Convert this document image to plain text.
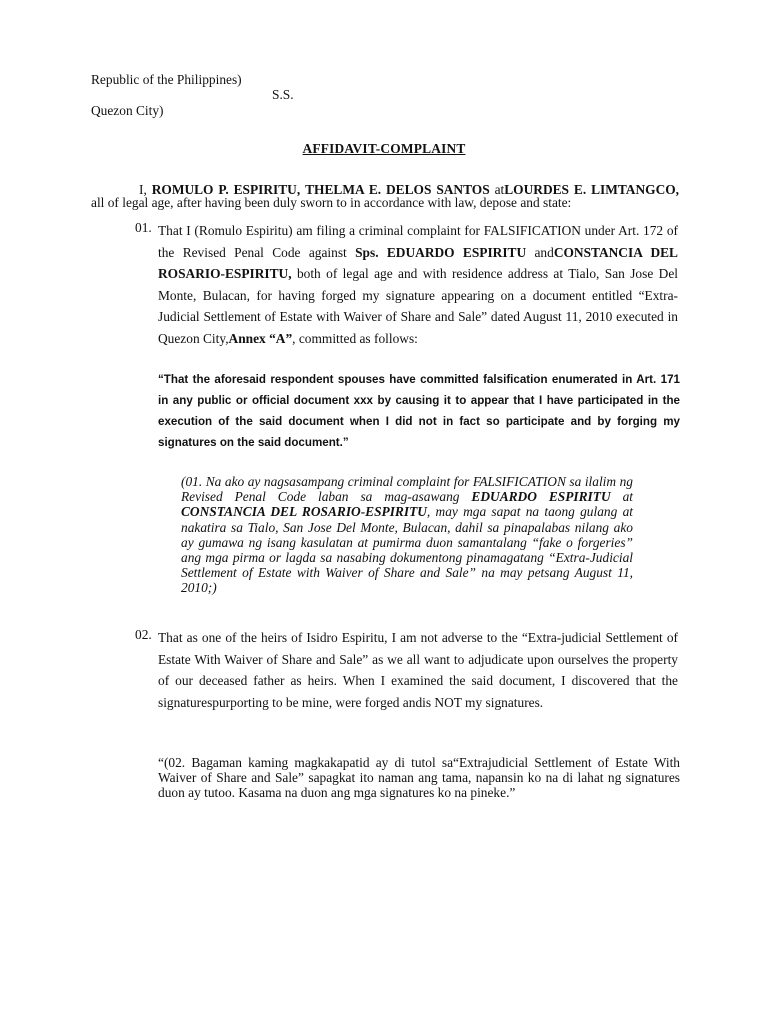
Republic of the Philippines)
S.S.
Quezon City)
AFFIDAVIT-COMPLAINT
I, ROMULO P. ESPIRITU, THELMA E. DELOS SANTOS atLOURDES E. LIMTANGCO, all of legal age, after having been duly sworn to in accordance with law, depose and state:
01. That I (Romulo Espiritu) am filing a criminal complaint for FALSIFICATION under Art. 172 of the Revised Penal Code against Sps. EDUARDO ESPIRITU andCONSTANCIA DEL ROSARIO-ESPIRITU, both of legal age and with residence address at Tialo, San Jose Del Monte, Bulacan, for having forged my signature appearing on a document entitled “Extra-Judicial Settlement of Estate with Waiver of Share and Sale” dated August 11, 2010 executed in Quezon City,Annex “A”, committed as follows:
“That the aforesaid respondent spouses have committed falsification enumerated in Art. 171 in any public or official document xxx by causing it to appear that I have participated in the execution of the said document when I did not in fact so participate and by forging my signatures on the said document.”
(01. Na ako ay nagsasampang criminal complaint for FALSIFICATION sa ilalim ng Revised Penal Code laban sa mag-asawang EDUARDO ESPIRITU at CONSTANCIA DEL ROSARIO-ESPIRITU, may mga sapat na taong gulang at nakatira sa Tialo, San Jose Del Monte, Bulacan, dahil sa pinapalabas nilang ako ay gumawa ng isang kasulatan at pumirma duon samantalang “fake o forgeries” ang mga pirma or lagda sa nasabing dokumentong pinamagatang “Extra-Judicial Settlement of Estate with Waiver of Share and Sale” na may petsang August 11, 2010;)
02. That as one of the heirs of Isidro Espiritu, I am not adverse to the “Extra-judicial Settlement of Estate With Waiver of Share and Sale” as we all want to adjudicate upon ourselves the property of our deceased father as heirs. When I examined the said document, I discovered that the signaturespurporting to be mine, were forged andis NOT my signatures.
“(02. Bagaman kaming magkakapatid ay di tutol sa“Extrajudicial Settlement of Estate With Waiver of Share and Sale” sapagkat ito naman ang tama, napansin ko na di lahat ng signatures duon ay tutoo. Kasama na duon ang mga signatures ko na pineke.”
